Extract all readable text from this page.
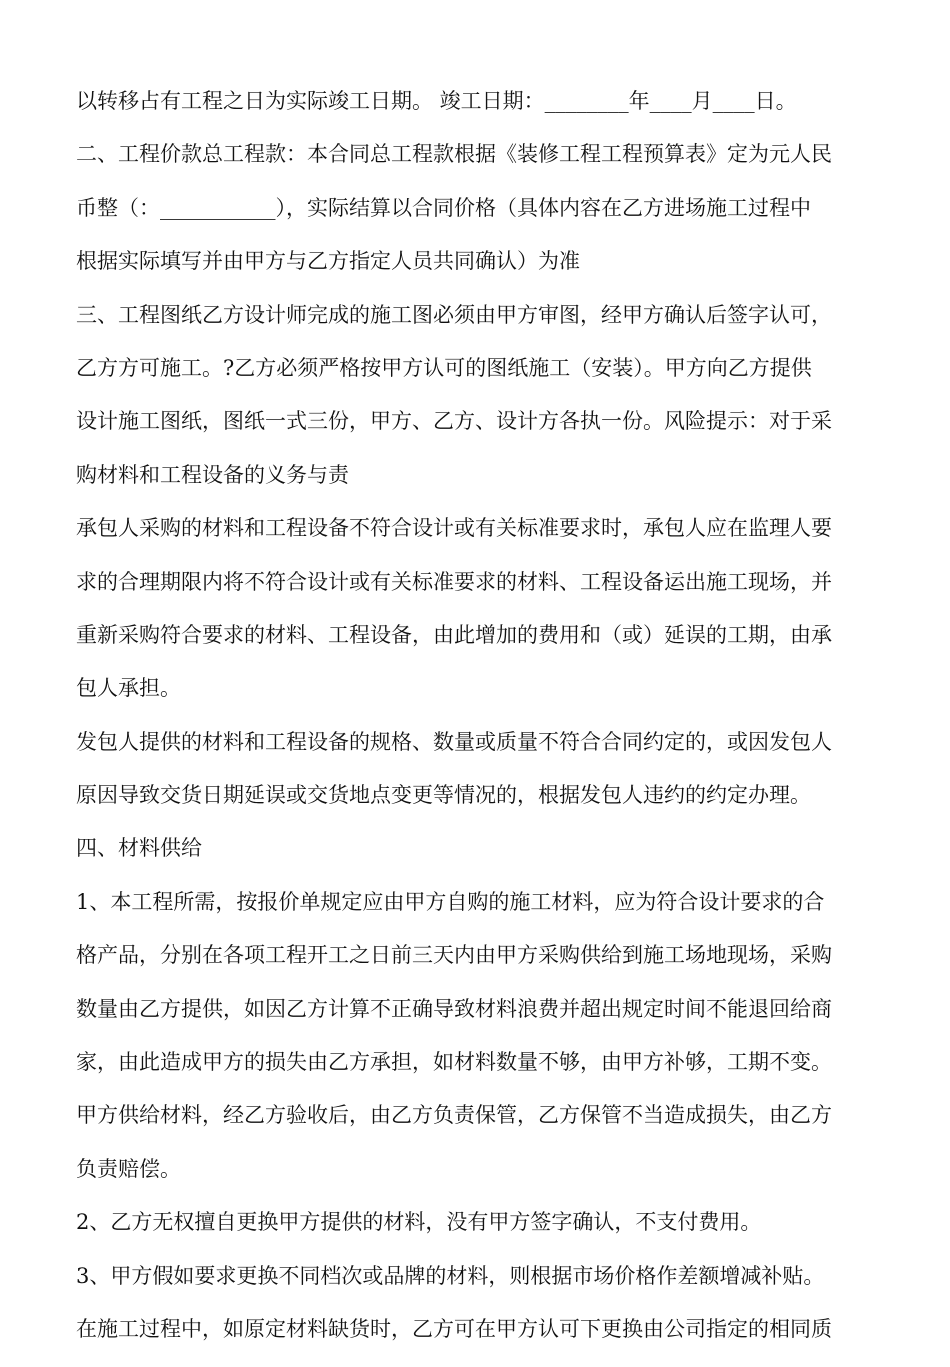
以转移占有工程之日为实际竣工日期。 竣工日期：________年____月____日。
二、工程价款总工程款：本合同总工程款根据《装修工程工程预算表》定为元人民
币整（：___________），实际结算以合同价格（具体内容在乙方进场施工过程中
根据实际填写并由甲方与乙方指定人员共同确认）为准
三、工程图纸乙方设计师完成的施工图必须由甲方审图，经甲方确认后签字认可，
乙方方可施工。?乙方必须严格按甲方认可的图纸施工（安装）。甲方向乙方提供
设计施工图纸，图纸一式三份，甲方、乙方、设计方各执一份。风险提示：对于采
购材料和工程设备的义务与责
承包人采购的材料和工程设备不符合设计或有关标准要求时，承包人应在监理人要
求的合理期限内将不符合设计或有关标准要求的材料、工程设备运出施工现场，并
重新采购符合要求的材料、工程设备，由此增加的费用和（或）延误的工期，由承
包人承担。
发包人提供的材料和工程设备的规格、数量或质量不符合合同约定的，或因发包人
原因导致交货日期延误或交货地点变更等情况的，根据发包人违约的约定办理。
四、材料供给
1、本工程所需，按报价单规定应由甲方自购的施工材料，应为符合设计要求的合
格产品，分别在各项工程开工之日前三天内由甲方采购供给到施工场地现场，采购
数量由乙方提供，如因乙方计算不正确导致材料浪费并超出规定时间不能退回给商
家，由此造成甲方的损失由乙方承担，如材料数量不够，由甲方补够，工期不变。
甲方供给材料，经乙方验收后，由乙方负责保管，乙方保管不当造成损失，由乙方
负责赔偿。
2、乙方无权擅自更换甲方提供的材料，没有甲方签字确认，不支付费用。
3、甲方假如要求更换不同档次或品牌的材料，则根据市场价格作差额增减补贴。
在施工过程中，如原定材料缺货时，乙方可在甲方认可下更换由公司指定的相同质
